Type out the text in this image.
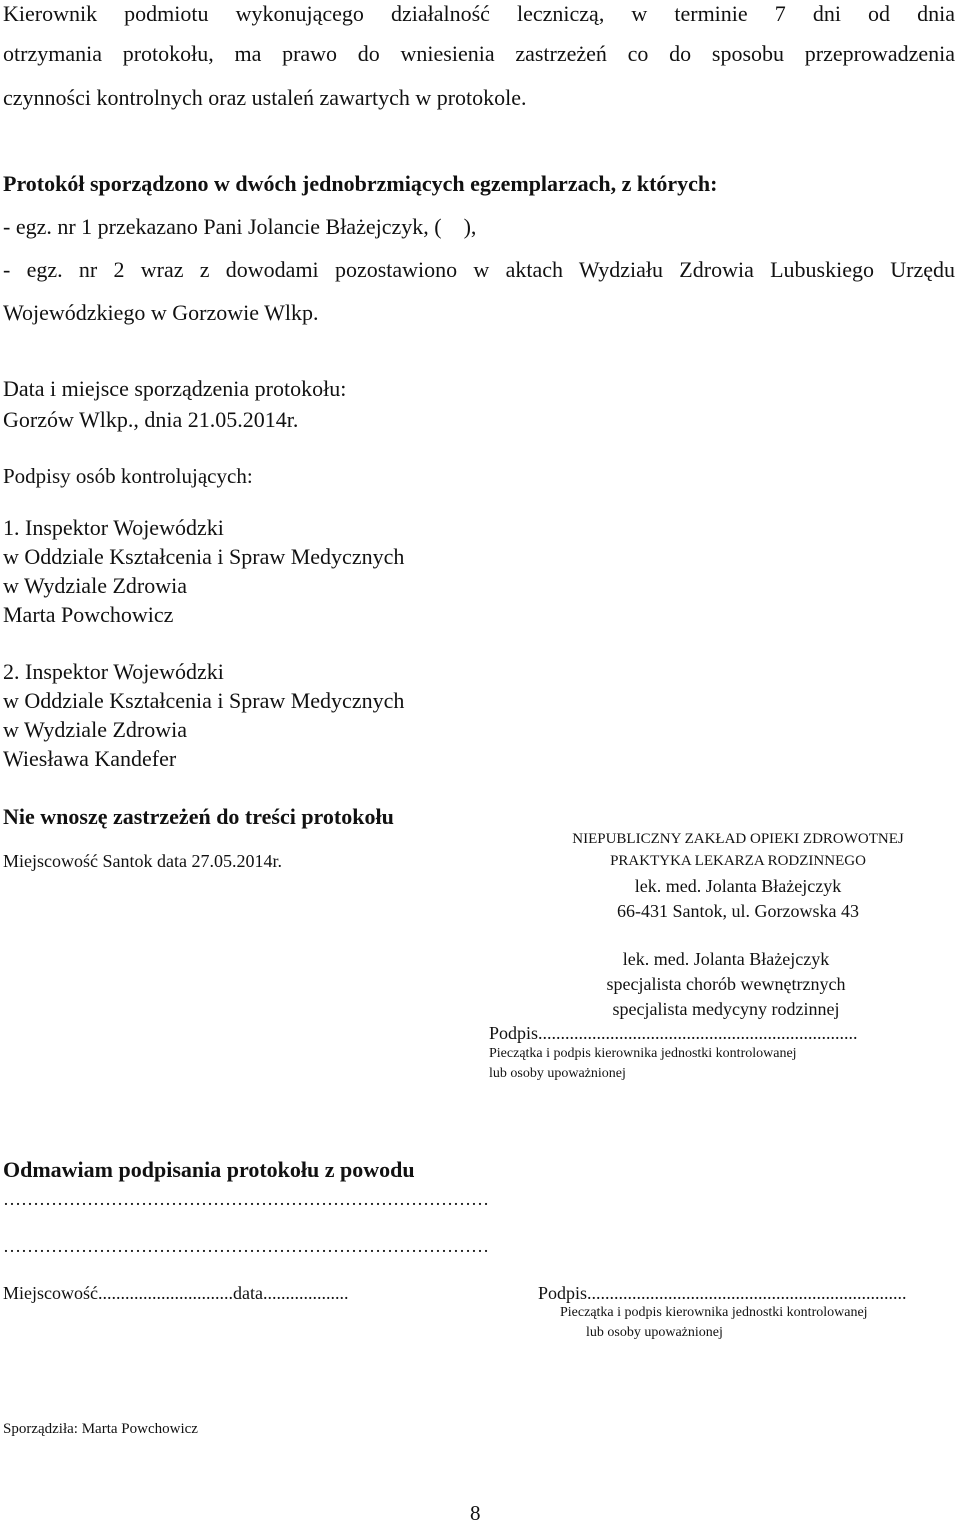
Kierownik podmiotu wykonującego działalność leczniczą, w terminie 7 dni od dnia
otrzymania protokołu, ma prawo do wniesienia zastrzeżeń co do sposobu przeprowadzenia
czynności kontrolnych oraz ustaleń zawartych w protokole.
Protokół sporządzono w dwóch jednobrzmiących egzemplarzach, z których:
- egz. nr 1 przekazano Pani Jolancie Błażejczyk, ( ),
- egz. nr 2 wraz z dowodami pozostawiono w aktach Wydziału Zdrowia Lubuskiego Urzędu
Wojewódzkiego w Gorzowie Wlkp.
Data i miejsce sporządzenia protokołu:
Gorzów Wlkp., dnia 21.05.2014r.
Podpisy osób kontrolujących:
1. Inspektor Wojewódzki
w Oddziale Kształcenia i Spraw Medycznych
w Wydziale Zdrowia
Marta Powchowicz
2. Inspektor Wojewódzki
w Oddziale Kształcenia i Spraw Medycznych
w Wydziale Zdrowia
Wiesława Kandefer
Nie wnoszę zastrzeżeń do treści protokołu
Miejscowość Santok data 27.05.2014r.
NIEPUBLICZNY ZAKŁAD OPIEKI ZDROWOTNEJ
PRAKTYKA LEKARZA RODZINNEGO
lek. med. Jolanta Błażejczyk
66-431 Santok, ul. Gorzowska 43
lek. med. Jolanta Błażejczyk
specjalista chorób wewnętrznych
specjalista medycyny rodzinnej
Podpis.......................................................................
Pieczątka i podpis kierownika jednostki kontrolowanej
lub osoby upoważnionej
Odmawiam podpisania protokołu z powodu
………………………………………………………………………
………………………………………………………………………
Miejscowość..............................data...................	Podpis.......................................................................
Pieczątka i podpis kierownika jednostki kontrolowanej
lub osoby upoważnionej
Sporządziła: Marta Powchowicz
8
